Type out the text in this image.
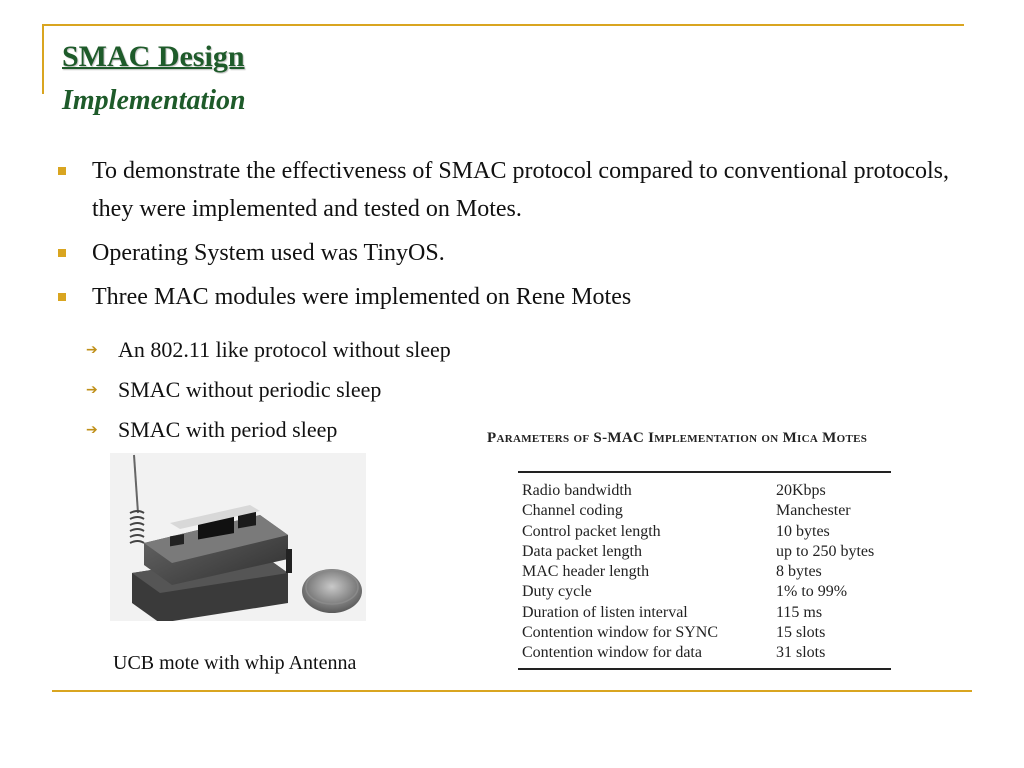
SMAC Design
Implementation
To demonstrate the effectiveness of SMAC protocol compared to conventional protocols, they were implemented and tested on Motes.
Operating System used was TinyOS.
Three MAC modules were implemented on Rene Motes
➔ An 802.11 like protocol without sleep
➔ SMAC without periodic sleep
➔ SMAC with period sleep
UCB mote with whip Antenna
Parameters of S-MAC Implementation on Mica Motes
Radio bandwidth	20Kbps
Channel coding	Manchester
Control packet length	10 bytes
Data packet length	up to 250 bytes
MAC header length	8 bytes
Duty cycle	1% to 99%
Duration of listen interval	115 ms
Contention window for SYNC	15 slots
Contention window for data	31 slots
